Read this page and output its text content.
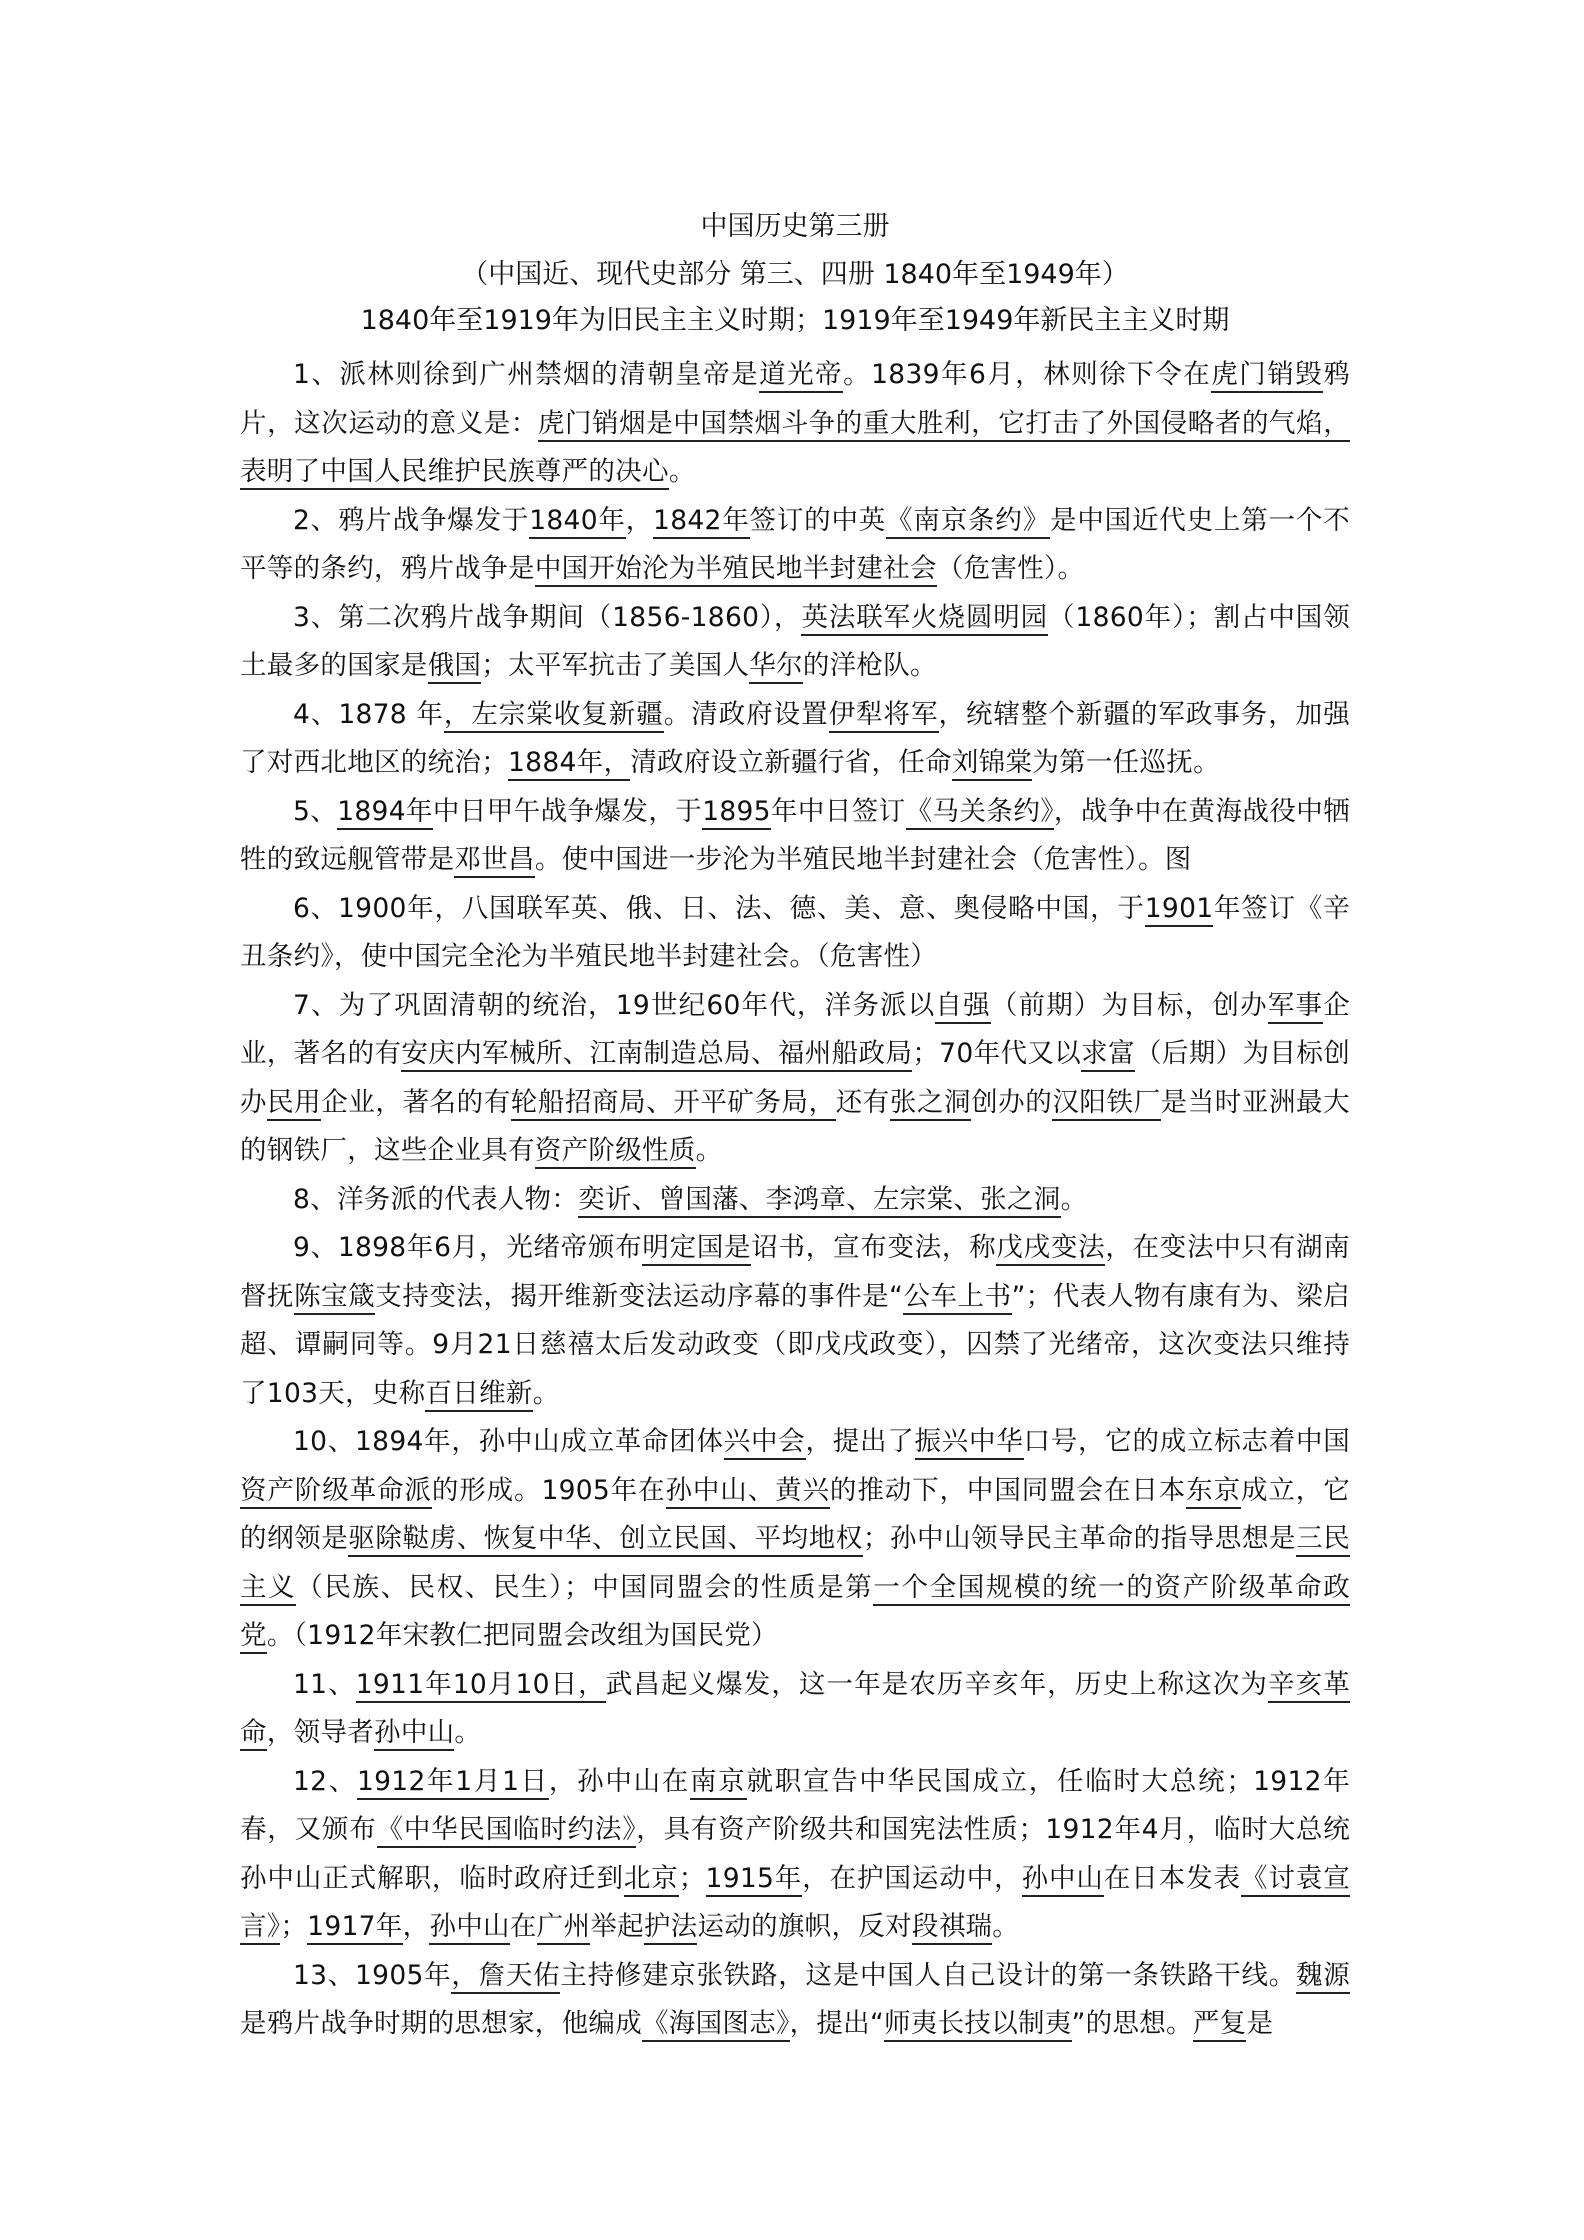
中国历史第三册
（中国近、现代史部分 第三、四册 1840年至1949年）
1840年至1919年为旧民主主义时期；1919年至1949年新民主主义时期

1、派林则徐到广州禁烟的清朝皇帝是道光帝。1839年6月，林则徐下令在虎门销毁鸦片，这次运动的意义是：虎门销烟是中国禁烟斗争的重大胜利，它打击了外国侵略者的气焰，表明了中国人民维护民族尊严的决心。

2、鸦片战争爆发于1840年，1842年签订的中英《南京条约》是中国近代史上第一个不平等的条约，鸦片战争是中国开始沦为半殖民地半封建社会（危害性）。

3、第二次鸦片战争期间（1856-1860），英法联军火烧圆明园（1860年）；割占中国领土最多的国家是俄国；太平军抗击了美国人华尔的洋枪队。

4、1878 年，左宗棠收复新疆。清政府设置伊犁将军，统辖整个新疆的军政事务，加强了对西北地区的统治；1884年，清政府设立新疆行省，任命刘锦棠为第一任巡抚。

5、1894年中日甲午战争爆发，于1895年中日签订《马关条约》，战争中在黄海战役中牺牲的致远舰管带是邓世昌。使中国进一步沦为半殖民地半封建社会（危害性）。图

6、1900年，八国联军英、俄、日、法、德、美、意、奥侵略中国，于1901年签订《辛丑条约》，使中国完全沦为半殖民地半封建社会。（危害性）

7、为了巩固清朝的统治，19世纪60年代，洋务派以自强（前期）为目标，创办军事企业，著名的有安庆内军械所、江南制造总局、福州船政局；70年代又以求富（后期）为目标创办民用企业，著名的有轮船招商局、开平矿务局，还有张之洞创办的汉阳铁厂是当时亚洲最大的钢铁厂，这些企业具有资产阶级性质。

8、洋务派的代表人物：奕䜣、曾国藩、李鸿章、左宗棠、张之洞。

9、1898年6月，光绪帝颁布明定国是诏书，宣布变法，称戊戌变法，在变法中只有湖南督抚陈宝箴支持变法，揭开维新变法运动序幕的事件是“公车上书”；代表人物有康有为、梁启超、谭嗣同等。9月21日慈禧太后发动政变（即戊戌政变），囚禁了光绪帝，这次变法只维持了103天，史称百日维新。

10、1894年，孙中山成立革命团体兴中会，提出了振兴中华口号，它的成立标志着中国资产阶级革命派的形成。1905年在孙中山、黄兴的推动下，中国同盟会在日本东京成立，它的纲领是驱除鞑虏、恢复中华、创立民国、平均地权；孙中山领导民主革命的指导思想是三民主义（民族、民权、民生）；中国同盟会的性质是第一个全国规模的统一的资产阶级革命政党。（1912年宋教仁把同盟会改组为国民党）

11、1911年10月10日，武昌起义爆发，这一年是农历辛亥年，历史上称这次为辛亥革命，领导者孙中山。

12、1912年1月1日，孙中山在南京就职宣告中华民国成立，任临时大总统；1912年春，又颁布《中华民国临时约法》，具有资产阶级共和国宪法性质；1912年4月，临时大总统孙中山正式解职，临时政府迁到北京；1915年，在护国运动中，孙中山在日本发表《讨袁宣言》；1917年，孙中山在广州举起护法运动的旗帜，反对段祺瑞。

13、1905年，詹天佑主持修建京张铁路，这是中国人自己设计的第一条铁路干线。魏源是鸦片战争时期的思想家，他编成《海国图志》，提出“师夷长技以制夷”的思想。严复是
